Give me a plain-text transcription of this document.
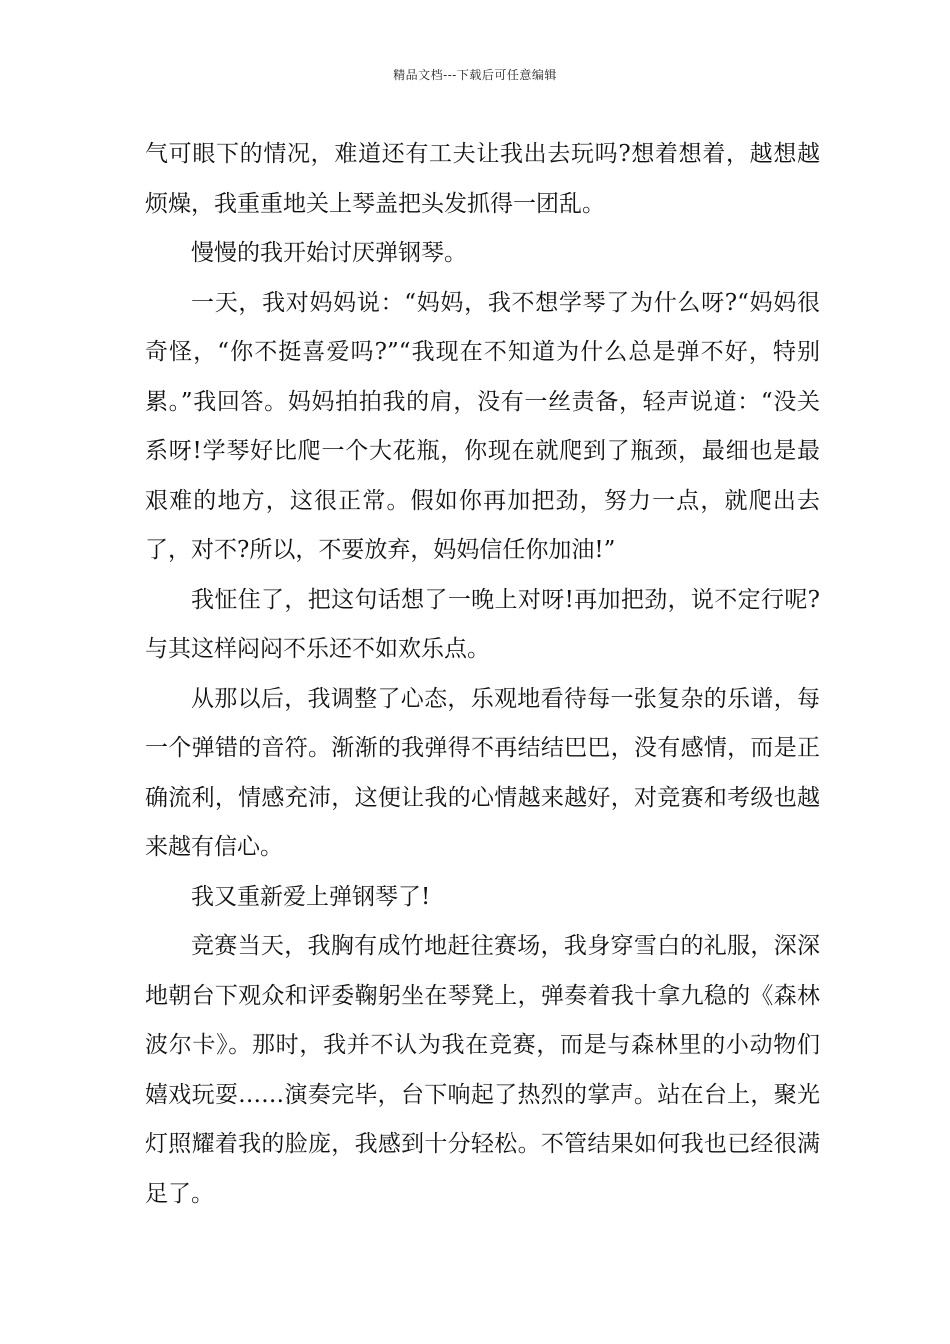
精品文档---下载后可任意编辑

气可眼下的情况，难道还有工夫让我出去玩吗?想着想着，越想越烦燥，我重重地关上琴盖把头发抓得一团乱。

慢慢的我开始讨厌弹钢琴。

一天，我对妈妈说：“妈妈，我不想学琴了为什么呀?“妈妈很奇怪，“你不挺喜爱吗?”“我现在不知道为什么总是弹不好，特别累。”我回答。妈妈拍拍我的肩，没有一丝责备，轻声说道：“没关系呀!学琴好比爬一个大花瓶，你现在就爬到了瓶颈，最细也是最艰难的地方，这很正常。假如你再加把劲，努力一点，就爬出去了，对不?所以，不要放弃，妈妈信任你加油!”

我怔住了，把这句话想了一晚上对呀!再加把劲，说不定行呢?与其这样闷闷不乐还不如欢乐点。

从那以后，我调整了心态，乐观地看待每一张复杂的乐谱，每一个弹错的音符。渐渐的我弹得不再结结巴巴，没有感情，而是正确流利，情感充沛，这便让我的心情越来越好，对竞赛和考级也越来越有信心。

我又重新爱上弹钢琴了!

竞赛当天，我胸有成竹地赶往赛场，我身穿雪白的礼服，深深地朝台下观众和评委鞠躬坐在琴凳上，弹奏着我十拿九稳的《森林波尔卡》。那时，我并不认为我在竞赛，而是与森林里的小动物们嬉戏玩耍……演奏完毕，台下响起了热烈的掌声。站在台上，聚光灯照耀着我的脸庞，我感到十分轻松。不管结果如何我也已经很满足了。
